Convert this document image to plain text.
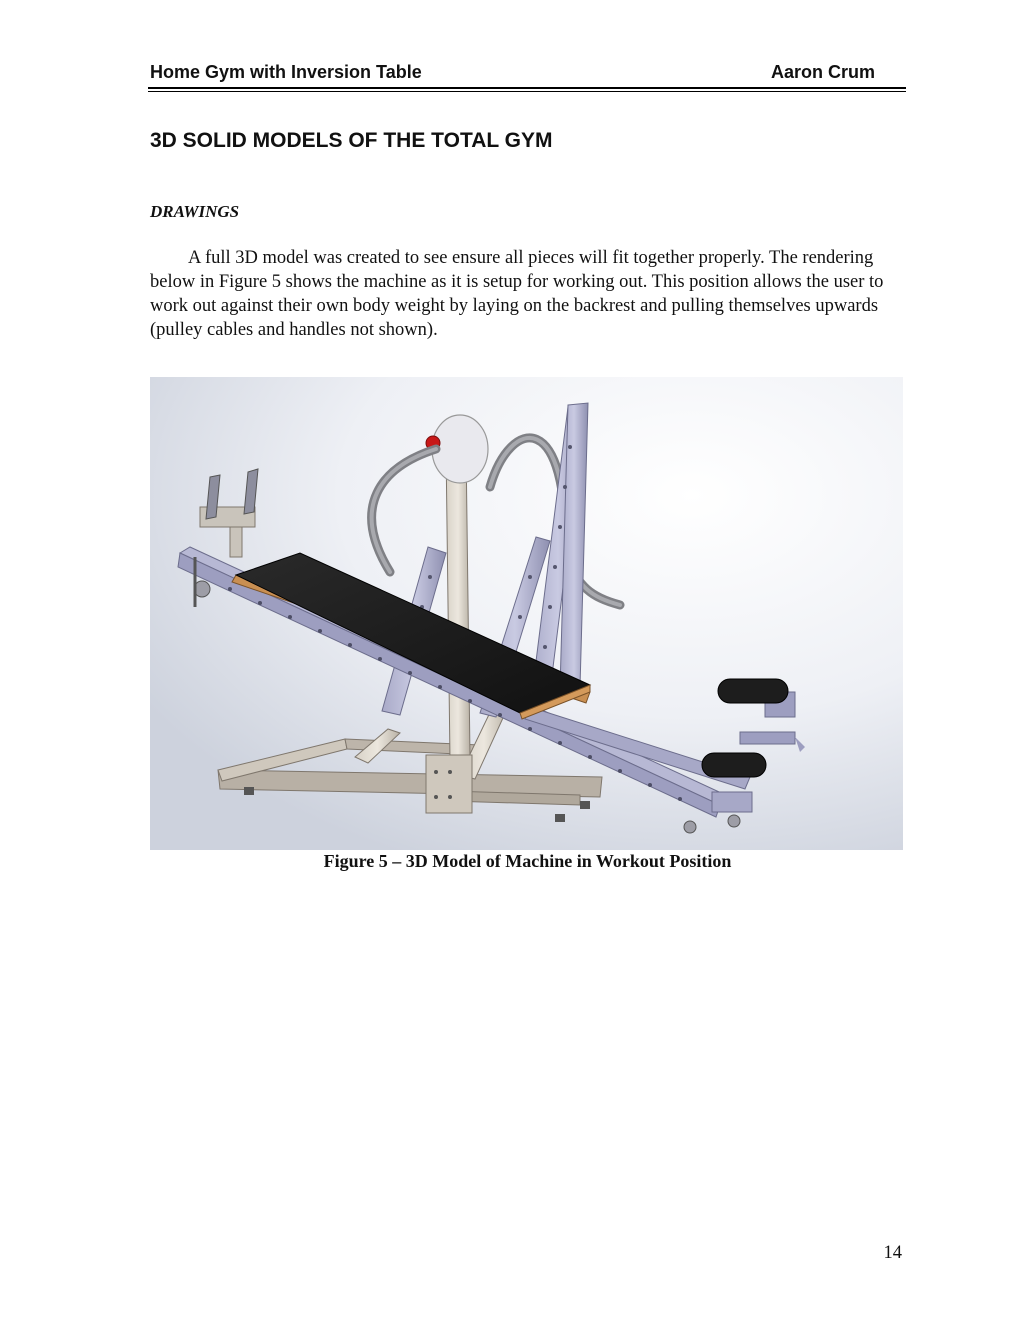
Home Gym with Inversion Table	Aaron Crum
3D SOLID MODELS OF THE TOTAL GYM
DRAWINGS

A full 3D model was created to see ensure all pieces will fit together properly. The rendering below in Figure 5 shows the machine as it is setup for working out. This position allows the user to work out against their own body weight by laying on the backrest and pulling themselves upwards (pulley cables and handles not shown).

Figure 5 – 3D Model of Machine in Workout Position
14
